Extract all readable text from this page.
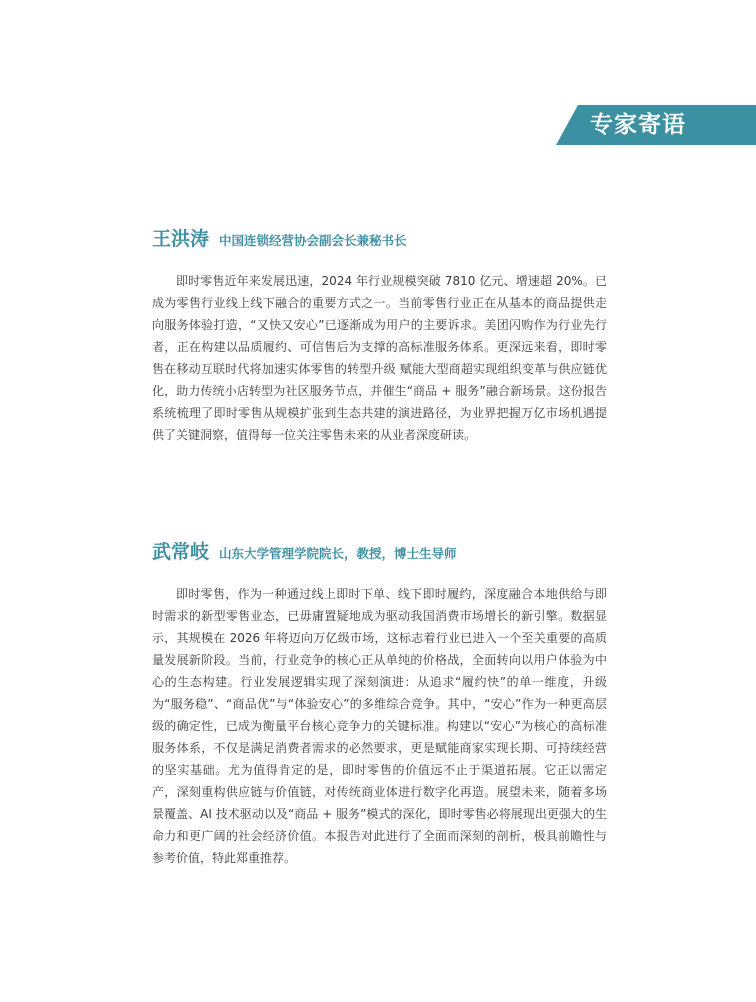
专家寄语
王洪涛 中国连锁经营协会副会长兼秘书长

即时零售近年来发展迅速，2024 年行业规模突破 7810 亿元、增速超 20%。已成为零售行业线上线下融合的重要方式之一。当前零售行业正在从基本的商品提供走向服务体验打造，“又快又安心”已逐渐成为用户的主要诉求。美团闪购作为行业先行者，正在构建以品质履约、可信售后为支撑的高标准服务体系。更深远来看，即时零售在移动互联时代将加速实体零售的转型升级 赋能大型商超实现组织变革与供应链优化，助力传统小店转型为社区服务节点，并催生“商品 + 服务”融合新场景。这份报告系统梳理了即时零售从规模扩张到生态共建的演进路径，为业界把握万亿市场机遇提供了关键洞察，值得每一位关注零售未来的从业者深度研读。

武常岐 山东大学管理学院院长，教授，博士生导师

即时零售，作为一种通过线上即时下单、线下即时履约，深度融合本地供给与即时需求的新型零售业态，已毋庸置疑地成为驱动我国消费市场增长的新引擎。数据显示，其规模在 2026 年将迈向万亿级市场，这标志着行业已进入一个至关重要的高质量发展新阶段。当前，行业竞争的核心正从单纯的价格战，全面转向以用户体验为中心的生态构建。行业发展逻辑实现了深刻演进：从追求“履约快”的单一维度，升级为“服务稳”、“商品优”与“体验安心”的多维综合竞争。其中，“安心”作为一种更高层级的确定性，已成为衡量平台核心竞争力的关键标准。构建以“安心”为核心的高标准服务体系，不仅是满足消费者需求的必然要求，更是赋能商家实现长期、可持续经营的坚实基础。尤为值得肯定的是，即时零售的价值远不止于渠道拓展。它正以需定产，深刻重构供应链与价值链，对传统商业体进行数字化再造。展望未来，随着多场景覆盖、AI 技术驱动以及“商品 + 服务”模式的深化，即时零售必将展现出更强大的生命力和更广阔的社会经济价值。本报告对此进行了全面而深刻的剖析，极具前瞻性与参考价值，特此郑重推荐。
